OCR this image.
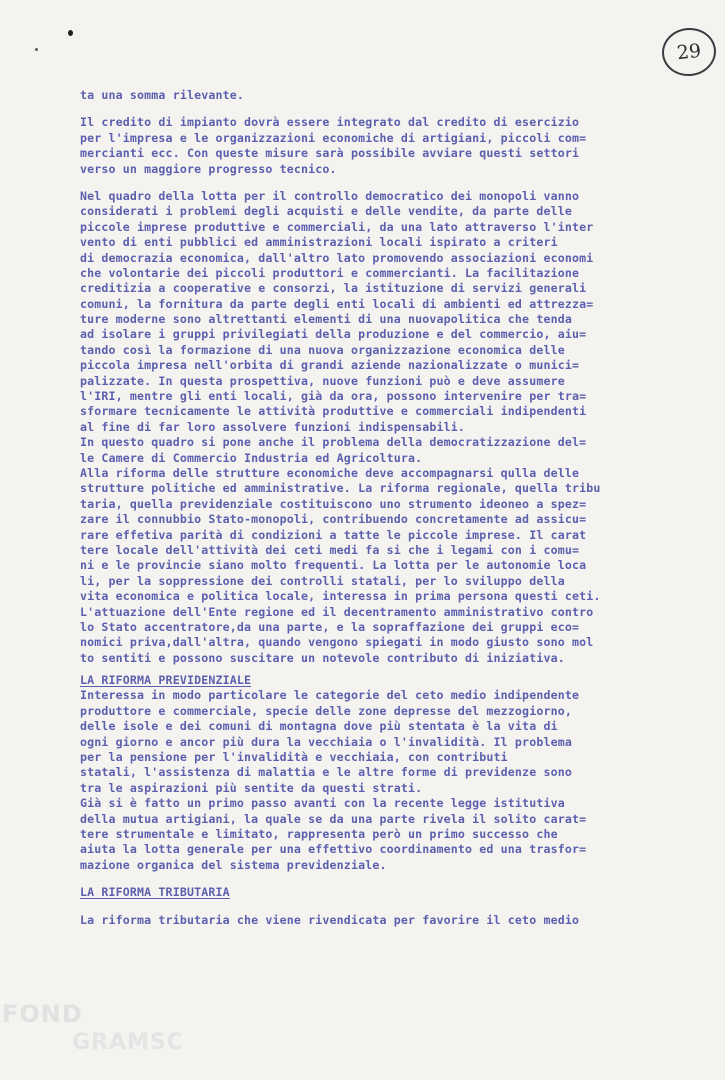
29
ta una somma rilevante.
Il credito di impianto dovrà essere integrato dal credito di esercizio
per l'impresa e le organizzazioni economiche di artigiani, piccoli com=
mercianti ecc. Con queste misure sarà possibile avviare questi settori
verso un maggiore progresso tecnico.
Nel quadro della lotta per il controllo democratico dei monopoli vanno
considerati i problemi degli acquisti e delle vendite, da parte delle
piccole imprese produttive e commerciali, da una lato attraverso l'inter
vento di enti pubblici ed amministrazioni locali ispirato a criteri
di democrazia economica, dall'altro lato promovendo associazioni economi
che volontarie dei piccoli produttori e commercianti. La facilitazione
creditizia a cooperative e consorzi, la istituzione di servizi generali
comuni, la fornitura da parte degli enti locali di ambienti ed attrezza=
ture moderne sono altrettanti elementi di una nuovapolitica che tenda
ad isolare i gruppi privilegiati della produzione e del commercio, aiu=
tando così la formazione di una nuova organizzazione economica delle
piccola impresa nell'orbita di grandi aziende nazionalizzate o munici=
palizzate. In questa prospettiva, nuove funzioni può e deve assumere
l'IRI, mentre gli enti locali, già da ora, possono intervenire per tra=
sformare tecnicamente le attività produttive e commerciali indipendenti
al fine di far loro assolvere funzioni indispensabili.
In questo quadro si pone anche il problema della democratizzazione del=
le Camere di Commercio Industria ed Agricoltura.
Alla riforma delle strutture economiche deve accompagnarsi qulla delle
strutture politiche ed amministrative. La riforma regionale, quella tribu
taria, quella previdenziale costituiscono uno strumento ideoneo a spez=
zare il connubbio Stato-monopoli, contribuendo concretamente ad assicu=
rare effetiva parità di condizioni a tatte le piccole imprese. Il carat
tere locale dell'attività dei ceti medi fa si che i legami con i comu=
ni e le provincie siano molto frequenti. La lotta per le autonomie loca
li, per la soppressione dei controlli statali, per lo sviluppo della
vita economica e politica locale, interessa in prima persona questi ceti.
L'attuazione dell'Ente regione ed il decentramento amministrativo contro
lo Stato accentratore,da una parte, e la sopraffazione dei gruppi eco=
nomici priva,dall'altra, quando vengono spiegati in modo giusto sono mol
to sentiti e possono suscitare un notevole contributo di iniziativa.
LA RIFORMA PREVIDENZIALE
Interessa in modo particolare le categorie del ceto medio indipendente
produttore e commerciale, specie delle zone depresse del mezzogiorno,
delle isole e dei comuni di montagna dove più stentata è la vita di
ogni giorno e ancor più dura la vecchiaia o l'invalidità. Il problema
per la pensione per l'invalidità e vecchiaia, con contributi
statali, l'assistenza di malattia e le altre forme di previdenze sono
tra le aspirazioni più sentite da questi strati.
Già si è fatto un primo passo avanti con la recente legge istitutiva
della mutua artigiani, la quale se da una parte rivela il solito carat=
tere strumentale e limitato, rappresenta però un primo successo che
aiuta la lotta generale per una effettivo coordinamento ed una trasfor=
mazione organica del sistema previdenziale.
LA RIFORMA TRIBUTARIA
La riforma tributaria che viene rivendicata per favorire il ceto medio
FOND
GRAMSC
